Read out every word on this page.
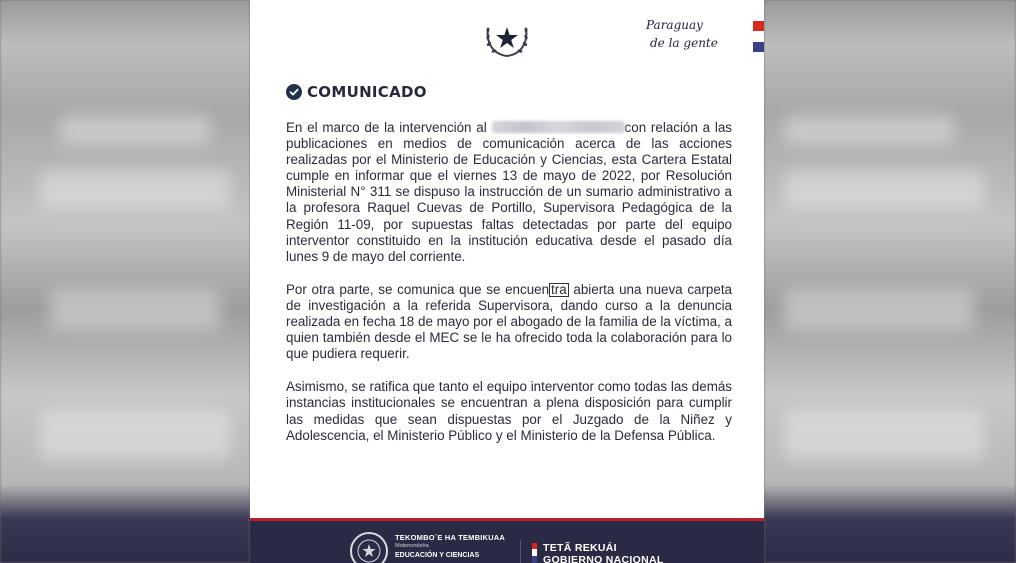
Paraguay
de la gente
COMUNICADO

En el marco de la intervención al	con relación a las publicaciones en medios de comunicación acerca de las acciones realizadas por el Ministerio de Educación y Ciencias, esta Cartera Estatal cumple en informar que el viernes 13 de mayo de 2022, por Resolución Ministerial N° 311 se dispuso la instrucción de un sumario administrativo a la profesora Raquel Cuevas de Portillo, Supervisora Pedagógica de la Región 11-09, por supuestas faltas detectadas por parte del equipo interventor constituido en la institución educativa desde el pasado día lunes 9 de mayo del corriente.

Por otra parte, se comunica que se encuen tra abierta una nueva carpeta de investigación a la referida Supervisora, dando curso a la denuncia realizada en fecha 18 de mayo por el abogado de la familia de la víctima, a quien también desde el MEC se le ha ofrecido toda la colaboración para lo que pudiera requerir.

Asimismo, se ratifica que tanto el equipo interventor como todas las demás instancias institucionales se encuentran a plena disposición para cumplir las medidas que sean dispuestas por el Juzgado de la Niñez y Adolescencia, el Ministerio Público y el Ministerio de la Defensa Pública.

TEKOMBO´E HA TEMBIKUAA
Motenondeha
EDUCACIÓN Y CIENCIAS
TETÃ REKUÁI
GOBIERNO NACIONAL
